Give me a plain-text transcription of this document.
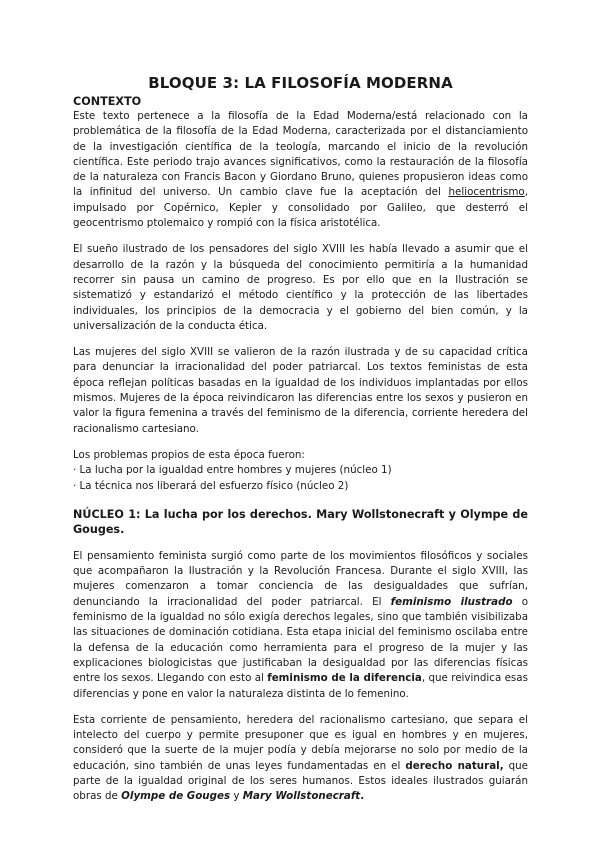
BLOQUE 3: LA FILOSOFÍA MODERNA
CONTEXTO

Este texto pertenece a la filosofía de la Edad Moderna/está relacionado con la problemática de la filosofía de la Edad Moderna, caracterizada por el distanciamiento de la investigación científica de la teología, marcando el inicio de la revolución científica. Este periodo trajo avances significativos, como la restauración de la filosofía de la naturaleza con Francis Bacon y Giordano Bruno, quienes propusieron ideas como la infinitud del universo. Un cambio clave fue la aceptación del heliocentrismo, impulsado por Copérnico, Kepler y consolidado por Galileo, que desterró el geocentrismo ptolemaico y rompió con la física aristotélica.

El sueño ilustrado de los pensadores del siglo XVIII les había llevado a asumir que el desarrollo de la razón y la búsqueda del conocimiento permitiría a la humanidad recorrer sin pausa un camino de progreso. Es por ello que en la Ilustración se sistematizó y estandarizó el método científico y la protección de las libertades individuales, los principios de la democracia y el gobierno del bien común, y la universalización de la conducta ética.

Las mujeres del siglo XVIII se valieron de la razón ilustrada y de su capacidad crítica para denunciar la irracionalidad del poder patriarcal. Los textos feministas de esta época reflejan políticas basadas en la igualdad de los individuos implantadas por ellos mismos. Mujeres de la época reivindicaron las diferencias entre los sexos y pusieron en valor la figura femenina a través del feminismo de la diferencia, corriente heredera del racionalismo cartesiano.

Los problemas propios de esta época fueron:
· La lucha por la igualdad entre hombres y mujeres (núcleo 1)
· La técnica nos liberará del esfuerzo físico (núcleo 2)
NÚCLEO 1: La lucha por los derechos. Mary Wollstonecraft y Olympe de Gouges.

El pensamiento feminista surgió como parte de los movimientos filosóficos y sociales que acompañaron la Ilustración y la Revolución Francesa. Durante el siglo XVIII, las mujeres comenzaron a tomar conciencia de las desigualdades que sufrían, denunciando la irracionalidad del poder patriarcal. El feminismo ilustrado o feminismo de la igualdad no sólo exigía derechos legales, sino que también visibilizaba las situaciones de dominación cotidiana. Esta etapa inicial del feminismo oscilaba entre la defensa de la educación como herramienta para el progreso de la mujer y las explicaciones biologicistas que justificaban la desigualdad por las diferencias físicas entre los sexos. Llegando con esto al feminismo de la diferencia, que reivindica esas diferencias y pone en valor la naturaleza distinta de lo femenino.

Esta corriente de pensamiento, heredera del racionalismo cartesiano, que separa el intelecto del cuerpo y permite presuponer que es igual en hombres y en mujeres, consideró que la suerte de la mujer podía y debía mejorarse no solo por medio de la educación, sino también de unas leyes fundamentadas en el derecho natural, que parte de la igualdad original de los seres humanos. Estos ideales ilustrados guiarán obras de Olympe de Gouges y Mary Wollstonecraft.
